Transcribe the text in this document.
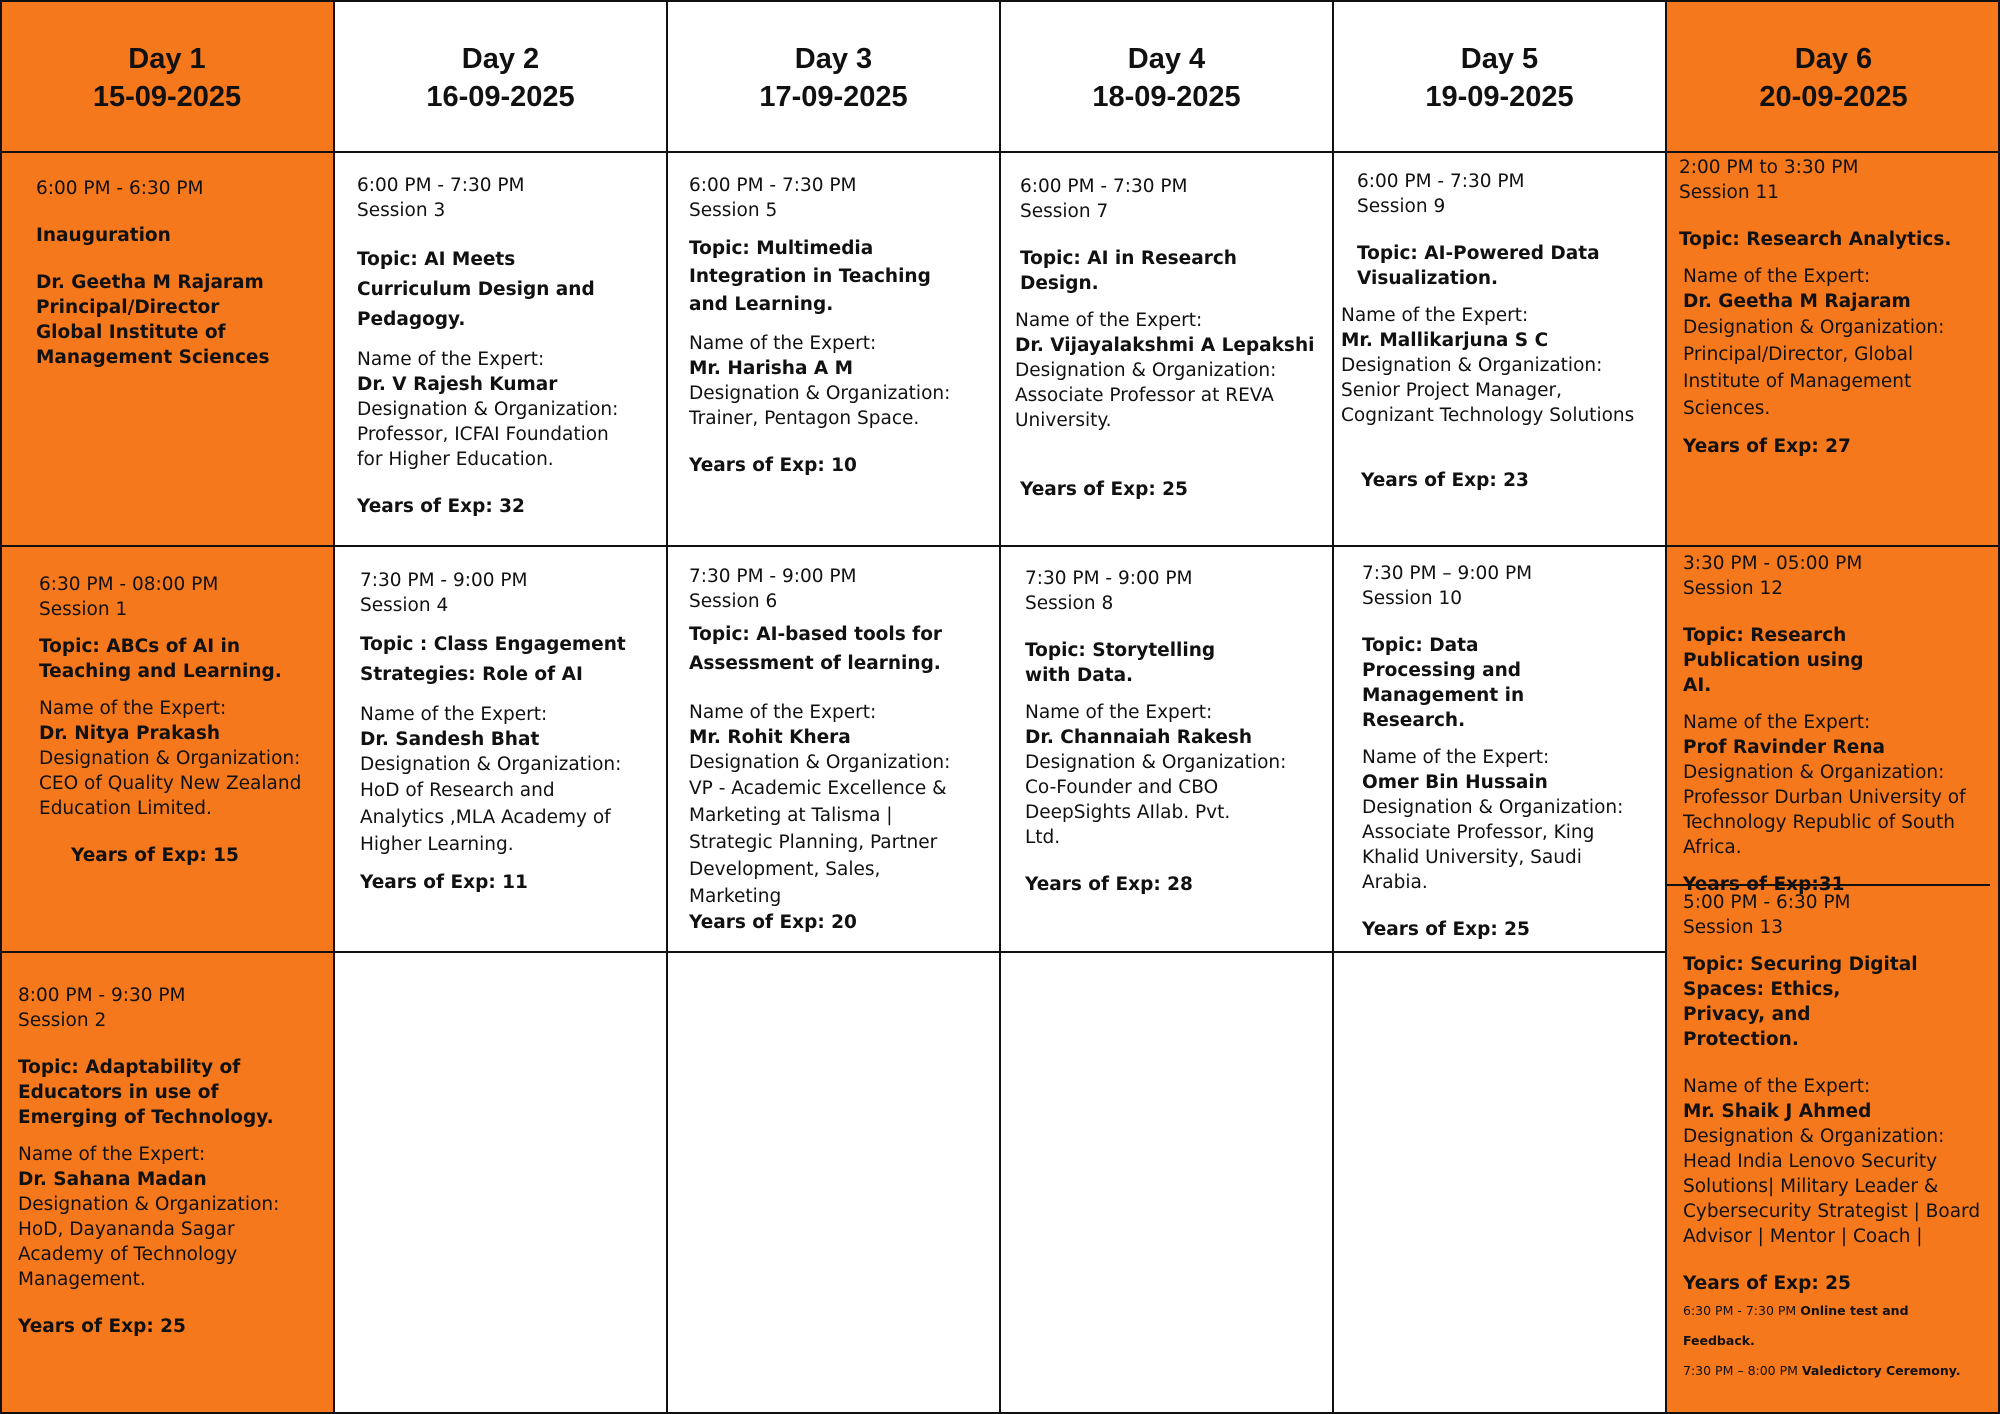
Day 1
15-09-2025
Day 2
16-09-2025
Day 3
17-09-2025
Day 4
18-09-2025
Day 5
19-09-2025
Day 6
20-09-2025

6:00 PM - 6:30 PM

Inauguration

Dr. Geetha M Rajaram Principal/Director Global Institute of Management Sciences

6:30 PM - 08:00 PM

Session 1

Topic: ABCs of AI in Teaching and Learning.

Name of the Expert:

Dr. Nitya Prakash Designation & Organization: CEO of Quality New Zealand Education Limited.

Years of Exp: 15

8:00 PM - 9:30 PM

Session 2

Topic: Adaptability of Educators in use of Emerging of Technology.

Name of the Expert:

Dr. Sahana Madan

Designation & Organization:

HoD, Dayananda Sagar Academy of Technology Management.

Years of Exp: 25

6:00 PM - 7:30 PM

Session 3

Topic: AI Meets Curriculum Design and Pedagogy.

Name of the Expert:

Dr. V Rajesh Kumar

Designation & Organization:

Professor, ICFAI Foundation for Higher Education.

Years of Exp: 32

7:30 PM - 9:00 PM

Session 4

Topic : Class Engagement Strategies: Role of AI

Name of the Expert:

Dr. Sandesh Bhat

Designation & Organization:

HoD of Research and Analytics ,MLA Academy of Higher Learning.

Years of Exp: 11

6:00 PM - 7:30 PM

Session 5

Topic: Multimedia Integration in Teaching and Learning.

Name of the Expert:

Mr. Harisha A M

Designation & Organization:

Trainer, Pentagon Space.

Years of Exp: 10

7:30 PM - 9:00 PM

Session 6

Topic: AI-based tools for Assessment of learning.

Name of the Expert:

Mr. Rohit Khera

Designation & Organization:

VP - Academic Excellence & Marketing at Talisma | Strategic Planning, Partner Development, Sales, Marketing

Years of Exp: 20

6:00 PM - 7:30 PM

Session 7

Topic: AI in Research Design.

Name of the Expert:

Dr. Vijayalakshmi A Lepakshi

Designation & Organization:

Associate Professor at REVA University.

Years of Exp: 25

7:30 PM - 9:00 PM

Session 8

Topic: Storytelling with Data.

Name of the Expert:

Dr. Channaiah Rakesh

Designation & Organization:

Co-Founder and CBO DeepSights AIlab. Pvt. Ltd.

Years of Exp: 28

6:00 PM - 7:30 PM

Session 9

Topic: AI-Powered Data Visualization.

Name of the Expert:

Mr. Mallikarjuna S C

Designation & Organization:

Senior Project Manager, Cognizant Technology Solutions

Years of Exp: 23

7:30 PM – 9:00 PM

Session 10

Topic: Data Processing and Management in Research.

Name of the Expert:

Omer Bin Hussain

Designation & Organization:

Associate Professor, King Khalid University, Saudi Arabia.

Years of Exp: 25

2:00 PM to 3:30 PM

Session 11

Topic: Research Analytics.

Name of the Expert:

Dr. Geetha M Rajaram

Designation & Organization:

Principal/Director, Global Institute of Management Sciences.

Years of Exp: 27

3:30 PM - 05:00 PM

Session 12

Topic: Research Publication using AI.

Name of the Expert:

Prof Ravinder Rena

Designation & Organization:

Professor Durban University of Technology Republic of South Africa.

Years of Exp:31

5:00 PM - 6:30 PM

Session 13

Topic: Securing Digital Spaces: Ethics, Privacy, and Protection.

Name of the Expert:

Mr. Shaik J Ahmed

Designation & Organization:

Head India Lenovo Security Solutions| Military Leader & Cybersecurity Strategist | Board Advisor | Mentor | Coach |

Years of Exp: 25

6:30 PM - 7:30 PM Online test and Feedback.

7:30 PM – 8:00 PM Valedictory Ceremony.
